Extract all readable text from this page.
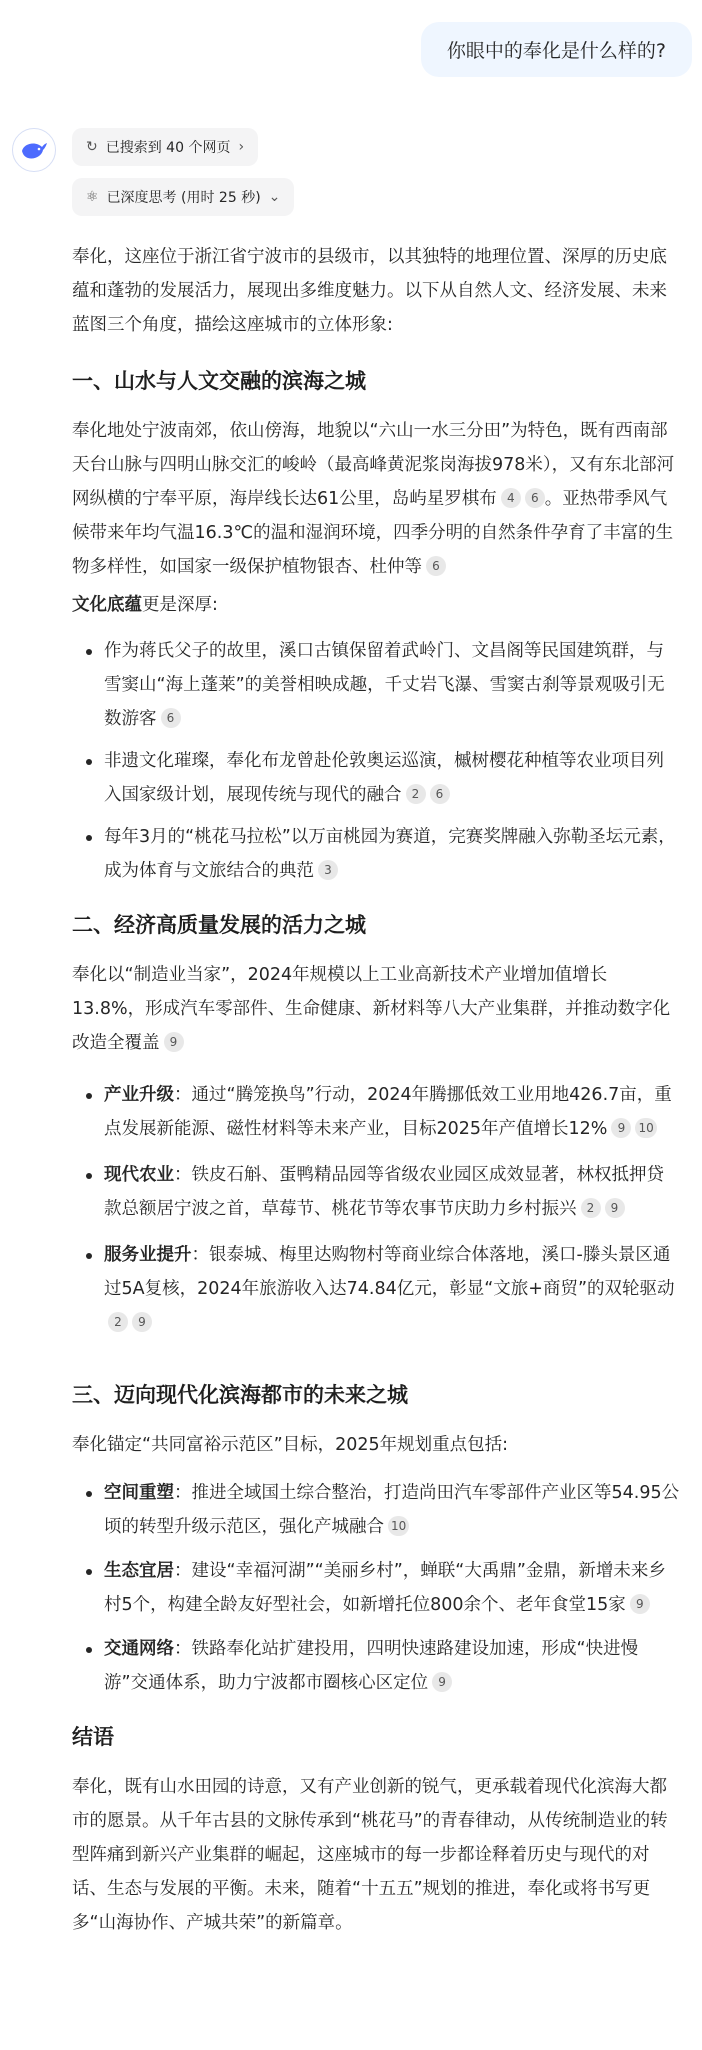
你眼中的奉化是什么样的?
↻ 已搜索到 40 个网页 ›
⚛ 已深度思考 (用时 25 秒) ⌄

奉化，这座位于浙江省宁波市的县级市，以其独特的地理位置、深厚的历史底蕴和蓬勃的发展活力，展现出多维度魅力。以下从自然人文、经济发展、未来蓝图三个角度，描绘这座城市的立体形象:

一、山水与人文交融的滨海之城

奉化地处宁波南郊，依山傍海，地貌以“六山一水三分田”为特色，既有西南部天台山脉与四明山脉交汇的峻岭（最高峰黄泥浆岗海拔978米），又有东北部河网纵横的宁奉平原，海岸线长达61公里，岛屿星罗棋布 4 6 。亚热带季风气候带来年均气温16.3℃的温和湿润环境，四季分明的自然条件孕育了丰富的生物多样性，如国家一级保护植物银杏、杜仲等 6

文化底蕴更是深厚:

作为蒋氏父子的故里，溪口古镇保留着武岭门、文昌阁等民国建筑群，与雪窦山“海上蓬莱”的美誉相映成趣，千丈岩飞瀑、雪窦古刹等景观吸引无数游客 6
非遗文化璀璨，奉化布龙曾赴伦敦奥运巡演，槭树樱花种植等农业项目列入国家级计划，展现传统与现代的融合 2 6
每年3月的“桃花马拉松”以万亩桃园为赛道，完赛奖牌融入弥勒圣坛元素，成为体育与文旅结合的典范 3
二、经济高质量发展的活力之城

奉化以“制造业当家”，2024年规模以上工业高新技术产业增加值增长13.8%，形成汽车零部件、生命健康、新材料等八大产业集群，并推动数字化改造全覆盖 9

产业升级：通过“腾笼换鸟”行动，2024年腾挪低效工业用地426.7亩，重点发展新能源、磁性材料等未来产业，目标2025年产值增长12% 9 10
现代农业：铁皮石斛、蛋鸭精品园等省级农业园区成效显著，林权抵押贷款总额居宁波之首，草莓节、桃花节等农事节庆助力乡村振兴 2 9
服务业提升：银泰城、梅里达购物村等商业综合体落地，溪口-滕头景区通过5A复核，2024年旅游收入达74.84亿元，彰显“文旅+商贸”的双轮驱动2 9
三、迈向现代化滨海都市的未来之城

奉化锚定“共同富裕示范区”目标，2025年规划重点包括:

空间重塑：推进全域国土综合整治，打造尚田汽车零部件产业区等54.95公顷的转型升级示范区，强化产城融合 10
生态宜居：建设“幸福河湖”“美丽乡村”，蝉联“大禹鼎”金鼎，新增未来乡村5个，构建全龄友好型社会，如新增托位800余个、老年食堂15家 9
交通网络：铁路奉化站扩建投用，四明快速路建设加速，形成“快进慢游”交通体系，助力宁波都市圈核心区定位 9
结语

奉化，既有山水田园的诗意，又有产业创新的锐气，更承载着现代化滨海大都市的愿景。从千年古县的文脉传承到“桃花马”的青春律动，从传统制造业的转型阵痛到新兴产业集群的崛起，这座城市的每一步都诠释着历史与现代的对话、生态与发展的平衡。未来，随着“十五五”规划的推进，奉化或将书写更多“山海协作、产城共荣”的新篇章。
